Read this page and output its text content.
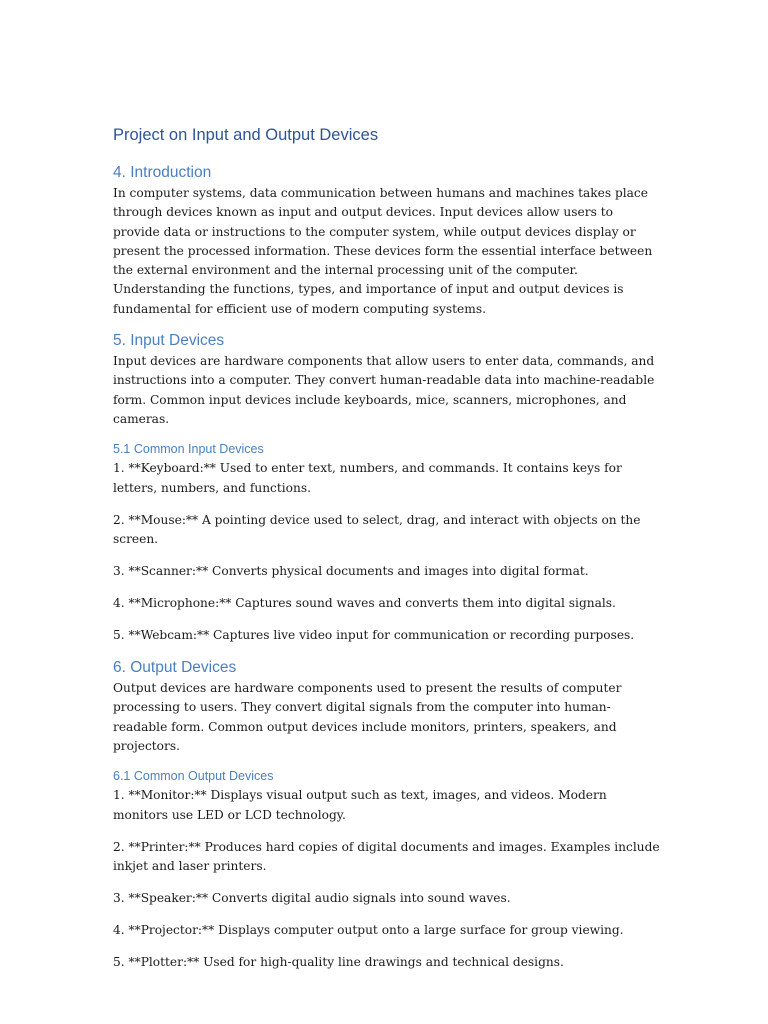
Project on Input and Output Devices
4. Introduction

In computer systems, data communication between humans and machines takes place through devices known as input and output devices. Input devices allow users to provide data or instructions to the computer system, while output devices display or present the processed information. These devices form the essential interface between the external environment and the internal processing unit of the computer. Understanding the functions, types, and importance of input and output devices is fundamental for efficient use of modern computing systems.

5. Input Devices

Input devices are hardware components that allow users to enter data, commands, and instructions into a computer. They convert human-readable data into machine-readable form. Common input devices include keyboards, mice, scanners, microphones, and cameras.

5.1 Common Input Devices

1. **Keyboard:** Used to enter text, numbers, and commands. It contains keys for letters, numbers, and functions.

2. **Mouse:** A pointing device used to select, drag, and interact with objects on the screen.

3. **Scanner:** Converts physical documents and images into digital format.

4. **Microphone:** Captures sound waves and converts them into digital signals.

5. **Webcam:** Captures live video input for communication or recording purposes.

6. Output Devices

Output devices are hardware components used to present the results of computer processing to users. They convert digital signals from the computer into human-readable form. Common output devices include monitors, printers, speakers, and projectors.

6.1 Common Output Devices

1. **Monitor:** Displays visual output such as text, images, and videos. Modern monitors use LED or LCD technology.

2. **Printer:** Produces hard copies of digital documents and images. Examples include inkjet and laser printers.

3. **Speaker:** Converts digital audio signals into sound waves.

4. **Projector:** Displays computer output onto a large surface for group viewing.

5. **Plotter:** Used for high-quality line drawings and technical designs.
